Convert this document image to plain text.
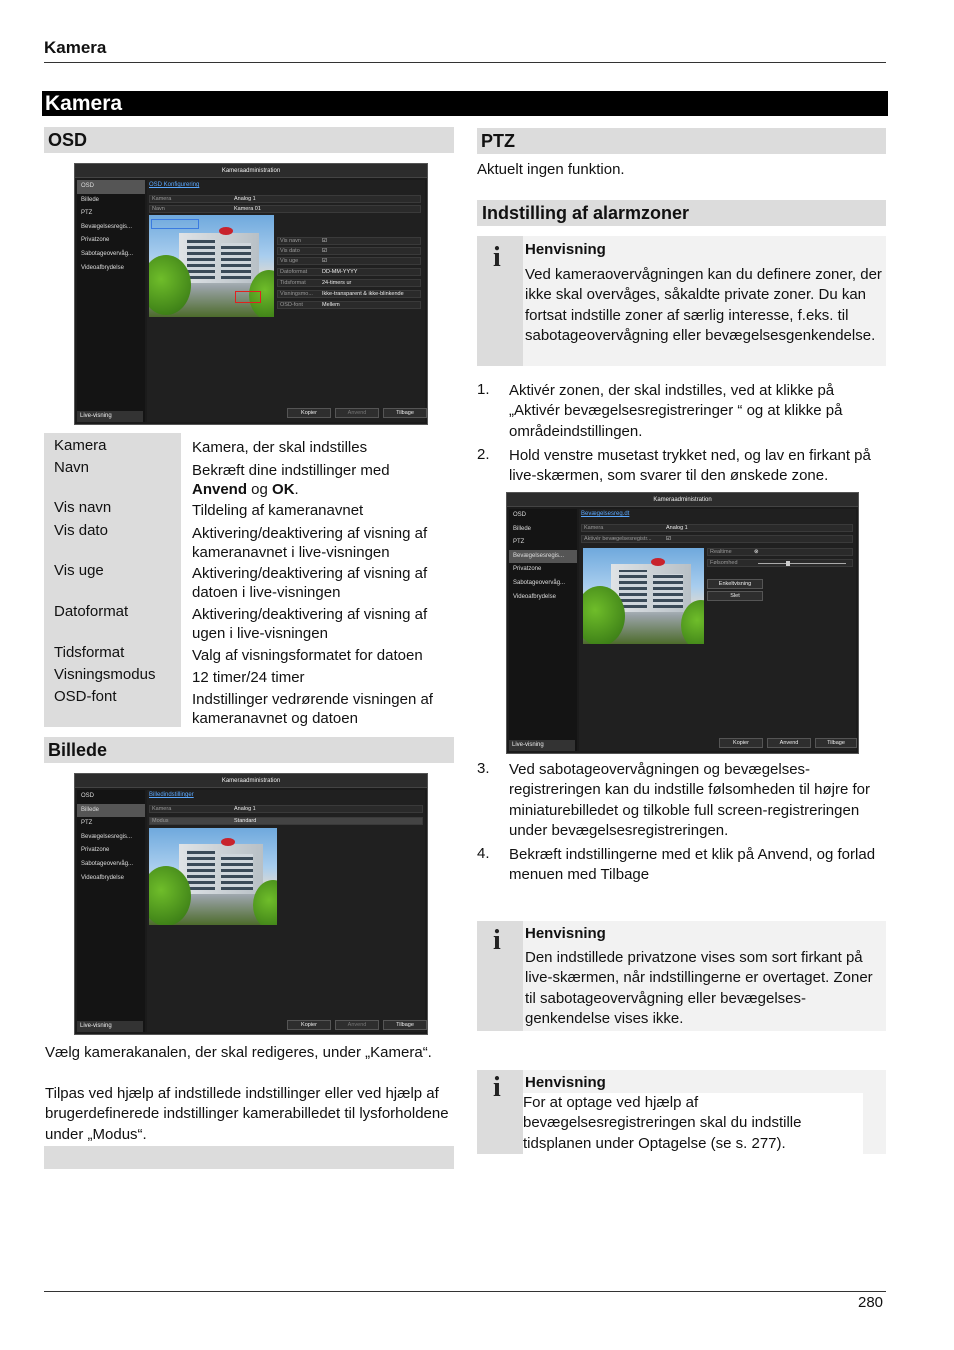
Kamera
Kamera
OSD
Kameraadministration
OSD
Billede
PTZ
Bevægelsesregis...
Privatzone
Sabotageovervåg...
Videoafbrydelse
Live-visning
OSD Konfigurering
Kamera	Analog 1
Navn	Kamera 01
Vis navn	☑
Vis dato	☑
Vis uge	☑
Datoformat	DD-MM-YYYY
Tidsformat	24-timers ur
Visningsmo... Ikke-transparent & ikke-blinkende
OSD-font	Mellem
Kopier	Anvend	Tilbage
Kamera	Kamera, der skal indstilles
Navn	Bekræft dine indstillinger med Anvend og OK.
Vis navn	Tildeling af kameranavnet
Vis dato	Aktivering/deaktivering af visning af kameranavnet i live-visningen
Vis uge	Aktivering/deaktivering af visning af datoen i live-visningen
Datoformat	Aktivering/deaktivering af visning af ugen i live-visningen
Tidsformat	Valg af visningsformatet for datoen
Visningsmodus 12 timer/24 timer
OSD-font	Indstillinger vedrørende visningen af kameranavnet og datoen
Billede
Kameraadministration
OSD
Billede
PTZ
Bevægelsesregis...
Privatzone
Sabotageovervåg...
Videoafbrydelse
Live-visning
Billedindstillinger
Kamera	Analog 1
Modus	Standard
Kopier	Anvend	Tilbage
Vælg kamerakanalen, der skal redigeres, under „Kamera“.
Tilpas ved hjælp af indstillede indstillinger eller ved hjælp af brugerdefinerede indstillinger kamerabilledet til lysforholdene under „Modus“.
PTZ
Aktuelt ingen funktion.
Indstilling af alarmzoner
i Henvisning
Ved kameraovervågningen kan du definere zoner, der ikke skal overvåges, såkaldte private zoner. Du kan fortsat indstille zoner af særlig interesse, f.eks. til sabotageovervågning eller bevægelsesgenkendelse.
1. Aktivér zonen, der skal indstilles, ved at klikke på „Aktivér bevægelsesregistreringer “ og at klikke på områdeindstillingen.
2. Hold venstre musetast trykket ned, og lav en firkant på live-skærmen, som svarer til den ønskede zone.
Kameraadministration
OSD
Billede
PTZ
Bevægelsesregis...
Privatzone
Sabotageovervåg...
Videoafbrydelse
Live-visning
Bevægelsesreg.dt
Kamera	Analog 1
Aktivér bevægelsesregistr...	☑
Realtime	⊗
Følsomhed
Enkeltvisning
Slet
Kopier	Anvend	Tilbage
3. Ved sabotageovervågningen og bevægelses-registreringen kan du indstille følsomheden til højre for miniaturebilledet og tilkoble full screen-registreringen under bevægelsesregistreringen.
4. Bekræft indstillingerne med et klik på Anvend, og forlad menuen med Tilbage
i Henvisning
Den indstillede privatzone vises som sort firkant på live-skærmen, når indstillingerne er overtaget. Zoner til sabotageovervågning eller bevægelses-genkendelse vises ikke.
i Henvisning
For at optage ved hjælp af bevægelsesregistreringen skal du indstille tidsplanen under Optagelse (se s. 277).
280
